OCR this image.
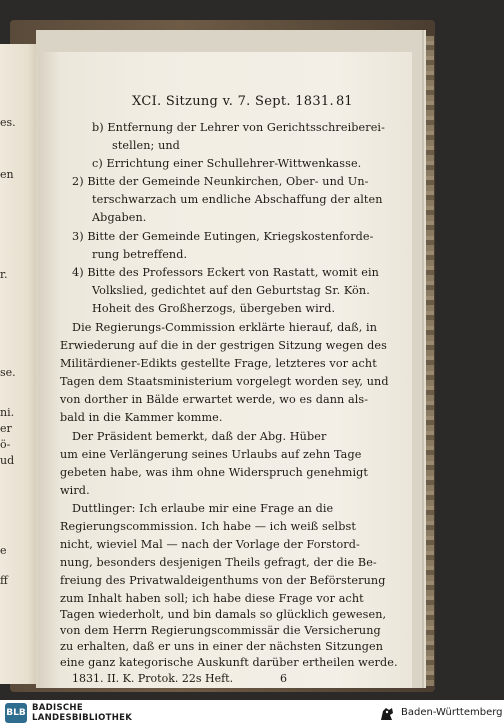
es.
en
r.
se.
ni.
er
ö-
ud
e
ff
XCI. Sitzung v. 7. Sept. 1831. 81
b) Entfernung der Lehrer von Gerichtsschreiberei-
stellen; und
c) Errichtung einer Schullehrer-Wittwenkasse.
2) Bitte der Gemeinde Neunkirchen, Ober- und Un-
terschwarzach um endliche Abschaffung der alten
Abgaben.
3) Bitte der Gemeinde Eutingen, Kriegskostenforde-
rung betreffend.
4) Bitte des Professors Eckert von Rastatt, womit ein
Volkslied, gedichtet auf den Geburtstag Sr. Kön.
Hoheit des Großherzogs, übergeben wird.
Die Regierungs-Commission erklärte hierauf, daß, in
Erwiederung auf die in der gestrigen Sitzung wegen des
Militärdiener-Edikts gestellte Frage, letzteres vor acht
Tagen dem Staatsministerium vorgelegt worden sey, und
von dorther in Bälde erwartet werde, wo es dann als-
bald in die Kammer komme.
Der Präsident bemerkt, daß der Abg. Hüber
um eine Verlängerung seines Urlaubs auf zehn Tage
gebeten habe, was ihm ohne Widerspruch genehmigt
wird.
Duttlinger: Ich erlaube mir eine Frage an die
Regierungscommission. Ich habe — ich weiß selbst
nicht, wieviel Mal — nach der Vorlage der Forstord-
nung, besonders desjenigen Theils gefragt, der die Be-
freiung des Privatwaldeigenthums von der Beförsterung
zum Inhalt haben soll; ich habe diese Frage vor acht
Tagen wiederholt, und bin damals so glücklich gewesen,
von dem Herrn Regierungscommissär die Versicherung
zu erhalten, daß er uns in einer der nächsten Sitzungen
eine ganz kategorische Auskunft darüber ertheilen werde.
1831. II. K. Protok. 22s Heft.	6
BLB BADISCHE
LANDESBIBLIOTHEK	Baden-Württemberg
